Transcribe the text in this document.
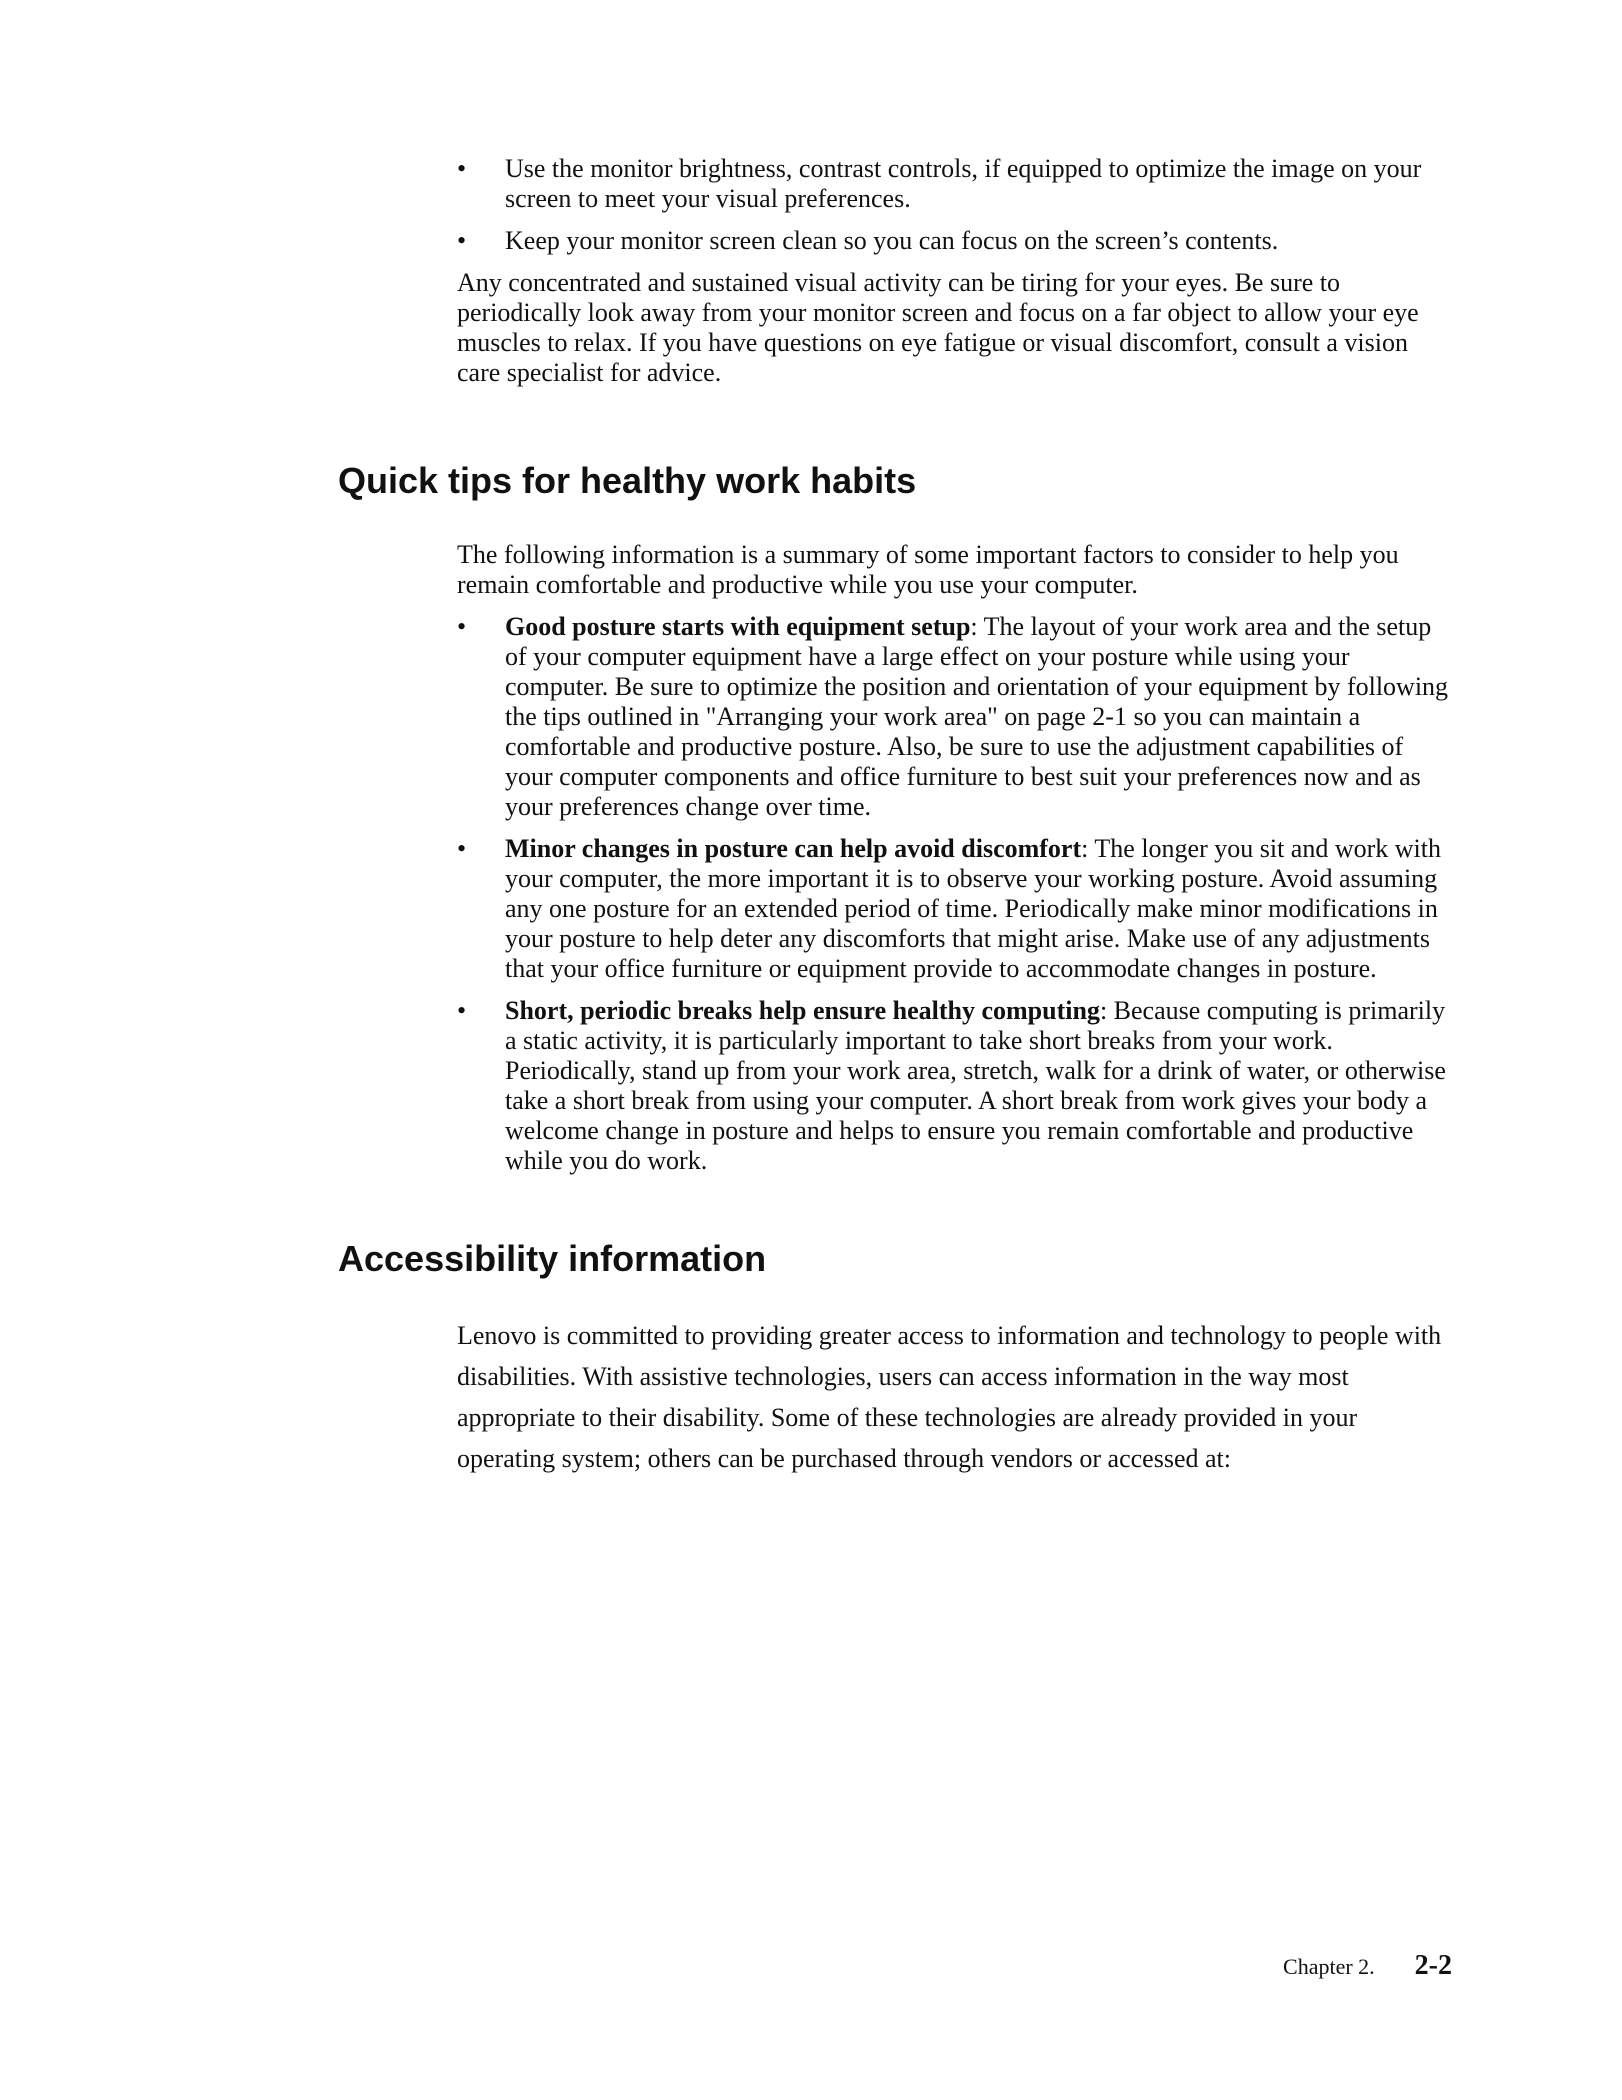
•	Use the monitor brightness, contrast controls, if equipped to optimize the image on your screen to meet your visual preferences.
•	Keep your monitor screen clean so you can focus on the screen’s contents.

Any concentrated and sustained visual activity can be tiring for your eyes. Be sure to periodically look away from your monitor screen and focus on a far object to allow your eye muscles to relax. If you have questions on eye fatigue or visual discomfort, consult a vision care specialist for advice.

Quick tips for healthy work habits

The following information is a summary of some important factors to consider to help you remain comfortable and productive while you use your computer.

•	Good posture starts with equipment setup: The layout of your work area and the setup of your computer equipment have a large effect on your posture while using your computer. Be sure to optimize the position and orientation of your equipment by following the tips outlined in "Arranging your work area" on page 2-1 so you can maintain a comfortable and productive posture. Also, be sure to use the adjustment capabilities of your computer components and office furniture to best suit your preferences now and as your preferences change over time.
•	Minor changes in posture can help avoid discomfort: The longer you sit and work with your computer, the more important it is to observe your working posture. Avoid assuming any one posture for an extended period of time. Periodically make minor modifications in your posture to help deter any discomforts that might arise. Make use of any adjustments that your office furniture or equipment provide to accommodate changes in posture.
•	Short, periodic breaks help ensure healthy computing: Because computing is primarily a static activity, it is particularly important to take short breaks from your work. Periodically, stand up from your work area, stretch, walk for a drink of water, or otherwise take a short break from using your computer. A short break from work gives your body a welcome change in posture and helps to ensure you remain comfortable and productive while you do work.
Accessibility information

Lenovo is committed to providing greater access to information and technology to people with disabilities. With assistive technologies, users can access information in the way most appropriate to their disability. Some of these technologies are already provided in your operating system; others can be purchased through vendors or accessed at:

Chapter 2. 2-2
